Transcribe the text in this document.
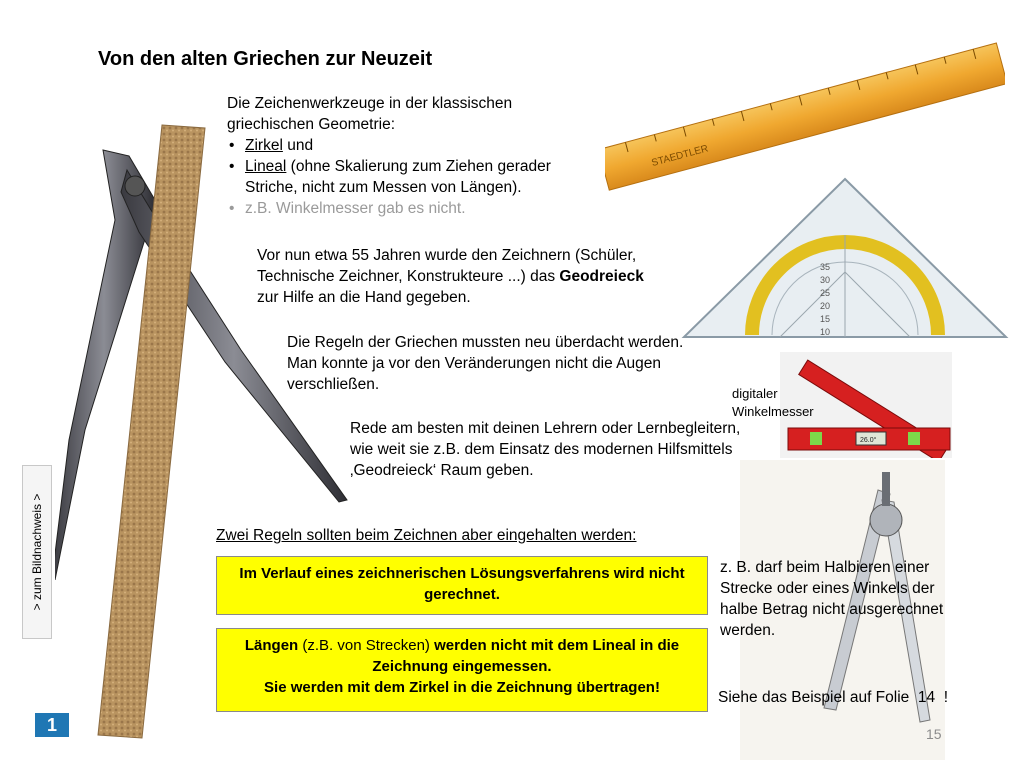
STAEDTLER
35
30
25
20
15
10
26.0°
Von den alten Griechen zur Neuzeit
Die Zeichenwerkzeuge in der klassischen
griechischen Geometrie:
• Zirkel und
• Lineal (ohne Skalierung zum Ziehen gerader Striche, nicht zum Messen von Längen).
• z.B. Winkelmesser gab es nicht.
Vor nun etwa 55 Jahren wurde den Zeichnern (Schüler, Technische Zeichner, Konstrukteure ...) das Geodreieck zur Hilfe an die Hand gegeben.
Die Regeln der Griechen mussten neu überdacht werden. Man konnte ja vor den Veränderungen nicht die Augen verschließen.
Rede am besten mit deinen Lehrern oder Lernbegleitern, wie weit sie z.B. dem Einsatz des modernen Hilfsmittels ‚Geodreieck‘ Raum geben.
digitaler
Winkelmesser
Zwei Regeln sollten beim Zeichnen aber eingehalten werden:
Im Verlauf eines zeichnerischen Lösungsverfahrens wird nicht gerechnet.
Längen (z.B. von Strecken) werden nicht mit dem Lineal in die Zeichnung eingemessen.
Sie werden mit dem Zirkel in die Zeichnung übertragen!
z. B. darf beim Halbieren einer Strecke oder eines Winkels der halbe Betrag nicht ausgerechnet werden.
Siehe das Beispiel auf Folie  14  !
> zum Bildnachweis >
1	15
